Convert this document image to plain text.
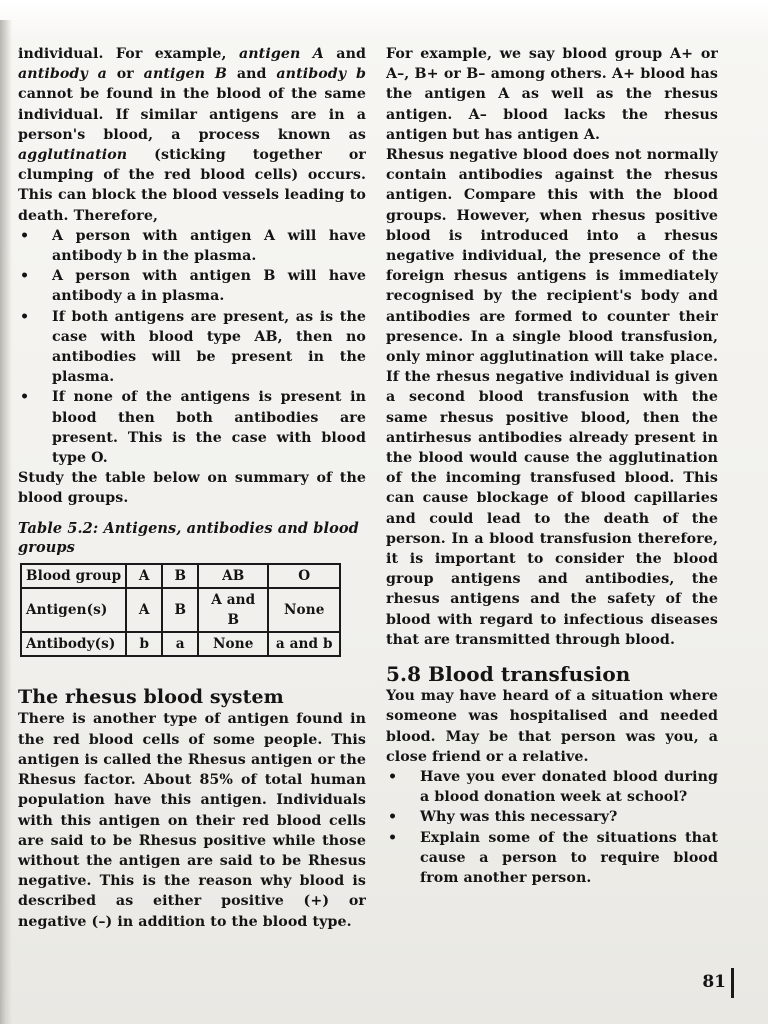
individual. For example, antigen A and antibody a or antigen B and antibody b cannot be found in the blood of the same individual. If similar antigens are in a person's blood, a process known as agglutination (sticking together or clumping of the red blood cells) occurs. This can block the blood vessels leading to death. Therefore,

• A person with antigen A will have antibody b in the plasma.
• A person with antigen B will have antibody a in plasma.
• If both antigens are present, as is the case with blood type AB, then no antibodies will be present in the plasma.
• If none of the antigens is present in blood then both antibodies are present. This is the case with blood type O.

Study the table below on summary of the blood groups.

Table 5.2: Antigens, antibodies and blood groups
Blood group	A	B	AB	O
Antigen(s)	A	B	A and B	None
Antibody(s)	b	a	None	a and b
The rhesus blood system

There is another type of antigen found in the red blood cells of some people. This antigen is called the Rhesus antigen or the Rhesus factor. About 85% of total human population have this antigen. Individuals with this antigen on their red blood cells are said to be Rhesus positive while those without the antigen are said to be Rhesus negative. This is the reason why blood is described as either positive (+) or negative (–) in addition to the blood type.

For example, we say blood group A+ or A–, B+ or B– among others. A+ blood has the antigen A as well as the rhesus antigen. A– blood lacks the rhesus antigen but has antigen A.

Rhesus negative blood does not normally contain antibodies against the rhesus antigen. Compare this with the blood groups. However, when rhesus positive blood is introduced into a rhesus negative individual, the presence of the foreign rhesus antigens is immediately recognised by the recipient's body and antibodies are formed to counter their presence. In a single blood transfusion, only minor agglutination will take place. If the rhesus negative individual is given a second blood transfusion with the same rhesus positive blood, then the antirhesus antibodies already present in the blood would cause the agglutination of the incoming transfused blood. This can cause blockage of blood capillaries and could lead to the death of the person. In a blood transfusion therefore, it is important to consider the blood group antigens and antibodies, the rhesus antigens and the safety of the blood with regard to infectious diseases that are transmitted through blood.

5.8 Blood transfusion

You may have heard of a situation where someone was hospitalised and needed blood. May be that person was you, a close friend or a relative.

• Have you ever donated blood during a blood donation week at school?
• Why was this necessary?
• Explain some of the situations that cause a person to require blood from another person.
81
